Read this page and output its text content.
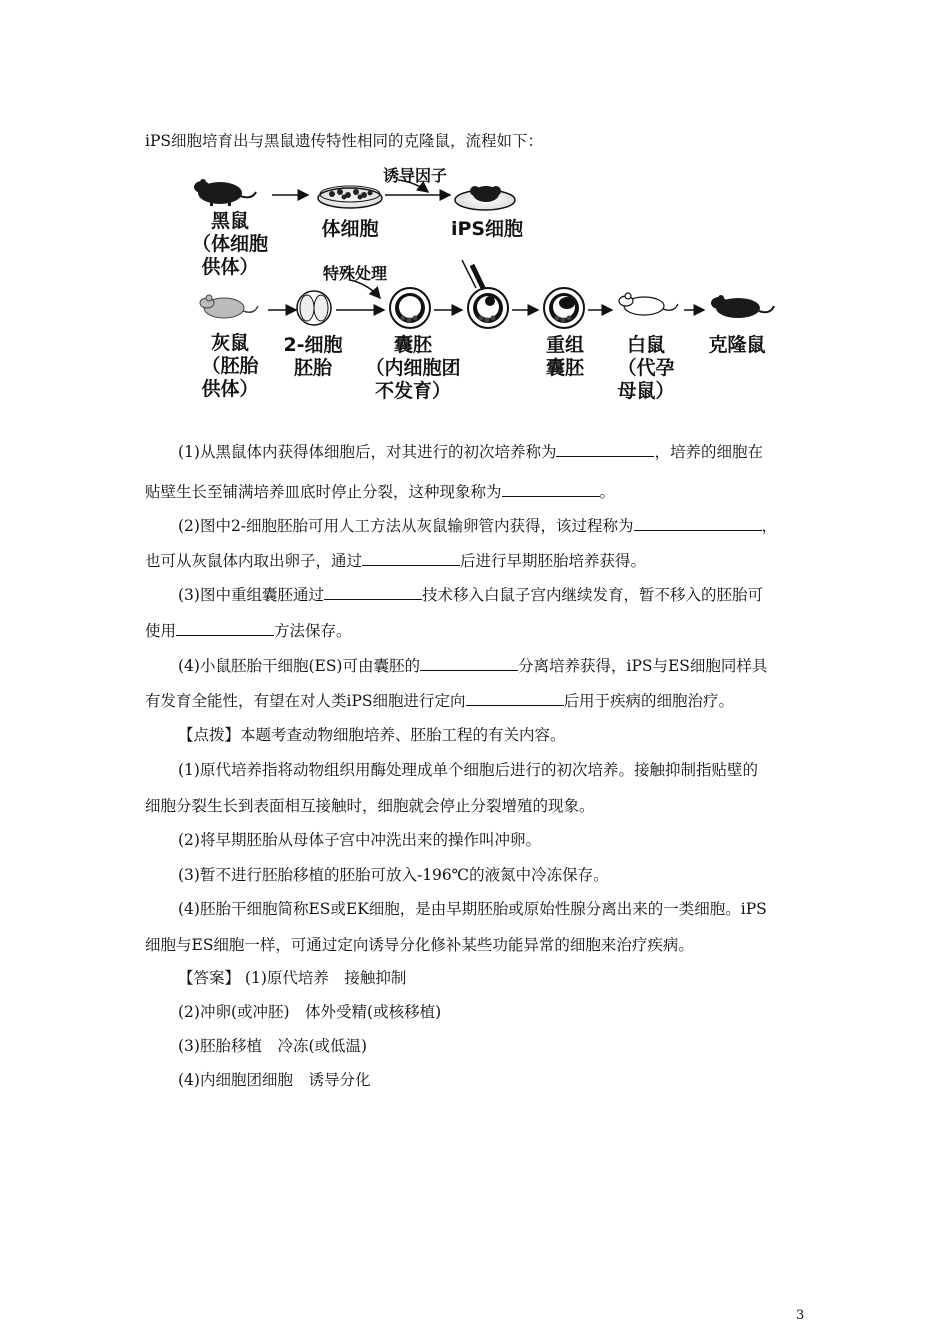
iPS细胞培育出与黑鼠遗传特性相同的克隆鼠，流程如下：
黑鼠
（体细胞
供体）
体细胞
诱导因子
iPS细胞
特殊处理
灰鼠
（胚胎
供体）
2-细胞
胚胎
囊胚
（内细胞团
不发育）
重组
囊胚
白鼠
（代孕
母鼠）
克隆鼠
(1)从黑鼠体内获得体细胞后，对其进行的初次培养称为	，培养的细胞在
贴壁生长至铺满培养皿底时停止分裂，这种现象称为	。
(2)图中2-细胞胚胎可用人工方法从灰鼠输卵管内获得，该过程称为	，
也可从灰鼠体内取出卵子，通过	后进行早期胚胎培养获得。
(3)图中重组囊胚通过	技术移入白鼠子宫内继续发育，暂不移入的胚胎可
使用	方法保存。
(4)小鼠胚胎干细胞(ES)可由囊胚的	分离培养获得，iPS与ES细胞同样具
有发育全能性，有望在对人类iPS细胞进行定向	后用于疾病的细胞治疗。
【点拨】本题考查动物细胞培养、胚胎工程的有关内容。
(1)原代培养指将动物组织用酶处理成单个细胞后进行的初次培养。接触抑制指贴壁的
细胞分裂生长到表面相互接触时，细胞就会停止分裂增殖的现象。
(2)将早期胚胎从母体子宫中冲洗出来的操作叫冲卵。
(3)暂不进行胚胎移植的胚胎可放入-196℃的液氮中冷冻保存。
(4)胚胎干细胞简称ES或EK细胞，是由早期胚胎或原始性腺分离出来的一类细胞。iPS
细胞与ES细胞一样，可通过定向诱导分化修补某些功能异常的细胞来治疗疾病。
【答案】 (1)原代培养　接触抑制
(2)冲卵(或冲胚)　体外受精(或核移植)
(3)胚胎移植　冷冻(或低温)
(4)内细胞团细胞　诱导分化
3
